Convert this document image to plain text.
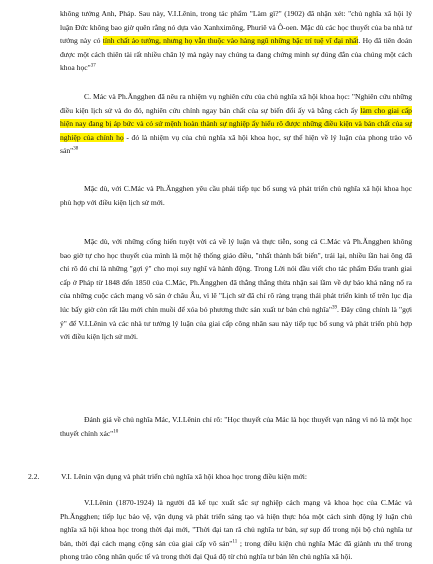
không tưởng Anh, Pháp. Sau này, V.I.Lênin, trong tác phẩm "Làm gì?" (1902) đã nhận xét: "chủ nghĩa xã hội lý luận Đức không bao giờ quên rằng nó dựa vào Xanhximông, Phuriê và Ô-oen. Mặc dù các học thuyết của ba nhà tư tưởng này có tính chất ảo tưởng, nhưng họ vẫn thuộc vào hàng ngũ những bậc trí tuệ vĩ đại nhất. Họ đã tiên đoán được một cách thiên tài rất nhiều chân lý mà ngày nay chúng ta đang chứng minh sự đúng đắn của chúng một cách khoa học"$^{37}$

C. Mác và Ph.Ăngghen đã nêu ra nhiệm vụ nghiên cứu của chủ nghĩa xã hội khoa học: "Nghiên cứu những điều kiện lịch sử và do đó, nghiên cứu chính ngay bản chất của sự biến đổi ấy và bằng cách ấy làm cho giai cấp hiện nay đang bị áp bức và có sứ mệnh hoàn thành sự nghiệp ấy hiểu rõ được những điều kiện và bản chất của sự nghiệp của chính họ - đó là nhiệm vụ của chủ nghĩa xã hội khoa học, sự thể hiện về lý luận của phong trào vô sản"$^{38}$

Mặc dù, với C.Mác và Ph.Ăngghen yêu cầu phải tiếp tục bổ sung và phát triển chủ nghĩa xã hội khoa học phù hợp với điều kiện lịch sử mới.

Mặc dù, với những cống hiến tuyệt vời cả về lý luận và thực tiễn, song cả C.Mác và Ph.Ăngghen không bao giờ tự cho học thuyết của mình là một hệ thống giáo điều, "nhất thành bất biến", trái lại, nhiều lần hai ông đã chỉ rõ đó chỉ là những "gợi ý" cho mọi suy nghĩ và hành động. Trong Lời nói đầu viết cho tác phẩm Đấu tranh giai cấp ở Pháp từ 1848 đến 1850 của C.Mác, Ph.Ăngghen đã thẳng thắng thừa nhận sai lầm về dự báo khả năng nổ ra của những cuộc cách mạng vô sản ở châu Âu, vì lẽ "Lịch sử đã chỉ rõ ràng trạng thái phát triển kinh tế trên lục địa lúc bấy giờ còn rất lâu mới chín muồi để xóa bỏ phương thức sản xuất tư bản chủ nghĩa"$^{39}$. Đây cũng chính là "gợi ý" để V.I.Lênin và các nhà tư tưởng lý luận của giai cấp công nhân sau này tiếp tục bổ sung và phát triển phù hợp với điều kiện lịch sử mới.

Đánh giá về chủ nghĩa Mác, V.I.Lênin chỉ rõ: "Học thuyết của Mác là học thuyết vạn năng vì nó là một học thuyết chính xác"$^{10}$

2.2.	V.I. Lênin vận dụng và phát triển chủ nghĩa xã hội khoa học trong điều kiện mới:

V.I.Lênin (1870-1924) là người đã kế tục xuất sắc sự nghiệp cách mạng và khoa học của C.Mác và Ph.Ăngghen; tiếp lục bảo vệ, vận dụng và phát triển sáng tạo và hiện thực hóa một cách sinh động lý luận chủ nghĩa xã hội khoa học trong thời đại mới, "Thời đại tan rã chủ nghĩa tư bản, sự sụp đổ trong nội bộ chủ nghĩa tư bản, thời đại cách mạng cộng sản của giai cấp vô sản"$^{11}$ ; trong điều kiện chủ nghĩa Mác đã giành ưu thế trong phong trào công nhân quốc tế và trong thời đại Quá độ từ chủ nghĩa tư bản lên chủ nghĩa xã hội.
